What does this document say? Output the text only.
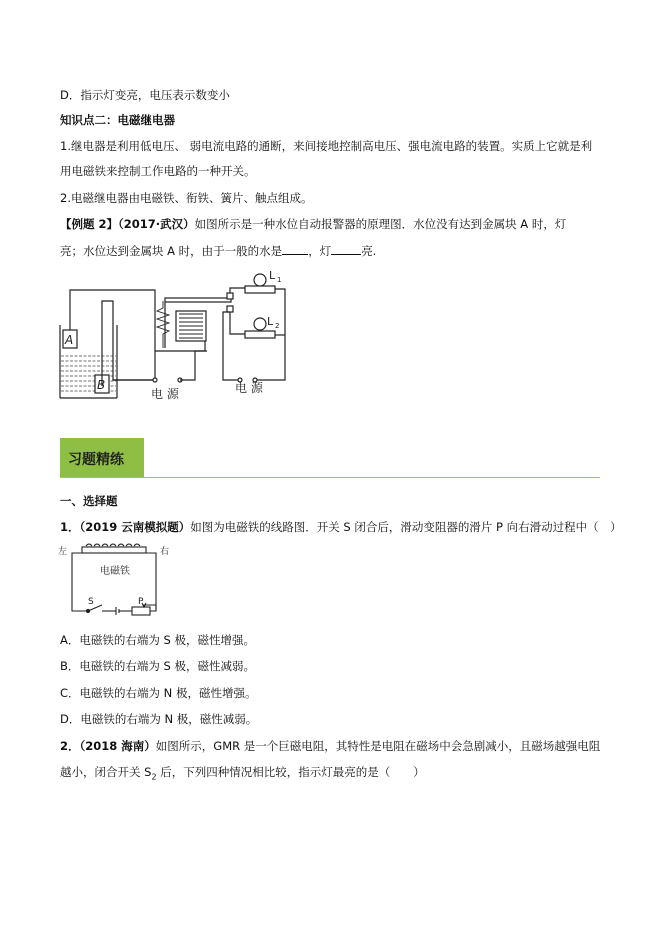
D．指示灯变亮，电压表示数变小
知识点二：电磁继电器
1.继电器是利用低电压、 弱电流电路的通断，来间接地控制高电压、强电流电路的装置。实质上它就是利
用电磁铁来控制工作电路的一种开关。
2.电磁继电器由电磁铁、衔铁、簧片、触点组成。
【例题 2】（2017·武汉）如图所示是一种水位自动报警器的原理图．水位没有达到金属块 A 时，灯
亮；水位达到金属块 A 时，由于一般的水是 ，灯	亮.
A
B
L 1
L 2
电 源	电 源
习题精练
一、选择题
1．（2019 云南模拟题）如图为电磁铁的线路图．开关 S 闭合后，滑动变阻器的滑片 P 向右滑动过程中（　）
左	右
电磁铁
S	P
A．电磁铁的右端为 S 极，磁性增强。
B．电磁铁的右端为 S 极，磁性减弱。
C．电磁铁的右端为 N 极，磁性增强。
D．电磁铁的右端为 N 极，磁性减弱。
2．（2018 海南）如图所示，GMR 是一个巨磁电阻，其特性是电阻在磁场中会急剧减小，且磁场越强电阻
越小，闭合开关 $S_2$ 后，下列四种情况相比较，指示灯最亮的是（　　）
